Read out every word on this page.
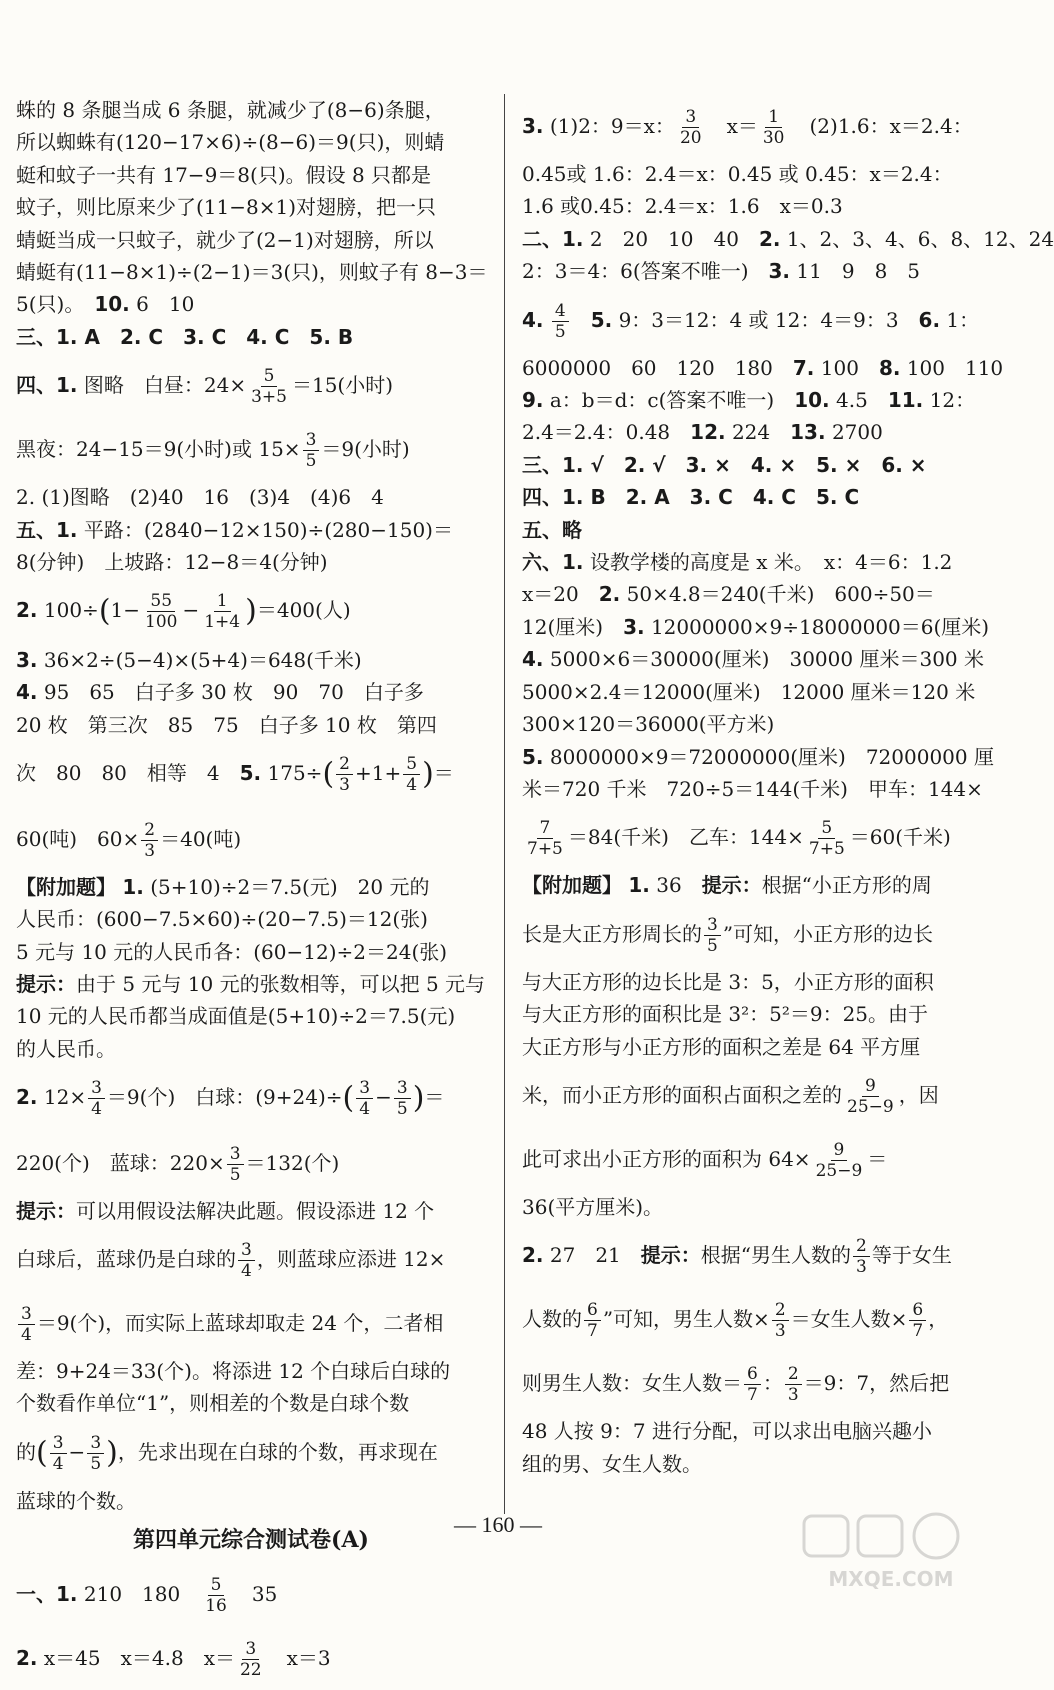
蛛的 8 条腿当成 6 条腿，就减少了(8−6)条腿，
所以蜘蛛有(120−17×6)÷(8−6)＝9(只)，则蜻
蜓和蚊子一共有 17−9＝8(只)。假设 8 只都是
蚊子，则比原来少了(11−8×1)对翅膀，把一只
蜻蜓当成一只蚊子，就少了(2−1)对翅膀，所以
蜻蜓有(11−8×1)÷(2−1)＝3(只)，则蚊子有 8−3＝
5(只)。　 10. 6　10
三、1. A　2. C　3. C　4. C　5. B
四、1. 图略　白昼：$24\times \frac{5}{3+5} =15$(小时)
黑夜：24−15＝9(小时)或 $15\times \frac{3}{5} =9$(小时)
2. (1)图略　(2)40　16　(3)4　(4)6　4
五、1. 平路：(2840−12×150)÷(280−150)＝
8(分钟)　上坡路：12−8＝4(分钟)
2. $100\div(1- \frac{55}{100} - \frac{1}{1+4} )=400$(人)
3. 36×2÷(5−4)×(5+4)＝648(千米)
4. 95　65　白子多 30 枚　90　70　白子多
20 枚　第三次　85　75　白子多 10 枚　第四
次　80　80　相等　4　5. $175\div( \frac{2}{3} +1+ \frac{5}{4}$ )＝
60(吨)　$60\times \frac{2}{3} =40$(吨)
【附加题】 1. (5+10)÷2＝7.5(元)　20 元的
人民币：(600−7.5×60)÷(20−7.5)＝12(张)
5 元与 10 元的人民币各：(60−12)÷2＝24(张)
提示：由于 5 元与 10 元的张数相等，可以把 5 元与
10 元的人民币都当成面值是(5+10)÷2＝7.5(元)
的人民币。
2. $12\times \frac{3}{4} =9$(个)　白球：$(9+24)\div( \frac{3}{4} - \frac{3}{5}$ )＝
220(个)　蓝球：$220\times \frac{3}{5} =132$(个)
提示：可以用假设法解决此题。假设添进 12 个
白球后，蓝球仍是白球的 $\frac{3}{4}$ ，则蓝球应添进 12×
$\frac{3}{4} =9$(个)，而实际上蓝球却取走 24 个，二者相
差：9+24＝33(个)。将添进 12 个白球后白球的
个数看作单位“1”，则相差的个数是白球个数
的( $\frac{3}{4} - \frac{3}{5}$ )，先求出现在白球的个数，再求现在
蓝球的个数。
第四单元综合测试卷(A)
一、1. 210　180　 $\frac{5}{16}$
　 35
2. x＝45　x＝4.8　$x= \frac{3}{22}$
　 x＝3
3. (1)2：9＝x： $\frac{3}{20}$
　 $x= \frac{1}{30}$
　 (2)1.6：x＝2.4：
0.45或 1.6：2.4＝x：0.45 或 0.45：x＝2.4：
1.6 或0.45：2.4＝x：1.6　x＝0.3
二、1. 2　20　10　40　2. 1、2、3、4、6、8、12、24
2：3＝4：6(答案不唯一)　3. 11　9　8　5
4. $\frac{4}{5}$
　 5. 9：3＝12：4 或 12：4＝9：3　6. 1：
6000000　60　120　180　7. 100　8. 100　110
9. a：b＝d：c(答案不唯一)　10. 4.5　11. 12：
2.4＝2.4：0.48　12. 224　13. 2700
三、1. √　2. √　3. ×　4. ×　5. ×　6. ×
四、1. B　2. A　3. C　4. C　5. C
五、略
六、1. 设教学楼的高度是 x 米。　x：4＝6：1.2
x＝20　2. 50×4.8＝240(千米)　600÷50＝
12(厘米)　3. 12000000×9÷18000000＝6(厘米)
4. 5000×6＝30000(厘米)　30000 厘米＝300 米
5000×2.4＝12000(厘米)　12000 厘米＝120 米
300×120＝36000(平方米)
5. 8000000×9＝72000000(厘米)　72000000 厘
米＝720 千米　720÷5＝144(千米)　甲车：144×
$\frac{7}{7+5} =84$(千米)　乙车：$144\times \frac{5}{7+5} =60$(千米)
【附加题】 1. 36　提示：根据“小正方形的周
长是大正方形周长的 $\frac{3}{5}$ ”可知，小正方形的边长
与大正方形的边长比是 3：5，小正方形的面积
与大正方形的面积比是 3²：5²＝9：25。由于
大正方形与小正方形的面积之差是 64 平方厘
米，而小正方形的面积占面积之差的 $\frac{9}{25-9}$ ，因
此可求出小正方形的面积为 $64\times \frac{9}{25-9}$ ＝
36(平方厘米)。
2. 27　21　提示：根据“男生人数的 $\frac{2}{3}$ 等于女生
人数的 $\frac{6}{7}$ ”可知，男生人数× $\frac{2}{3}$ ＝女生人数× $\frac{6}{7}$ ，
则男生人数：女生人数＝ $\frac{6}{7}$ ： $\frac{2}{3} =9$：7，然后把
48 人按 9：7 进行分配，可以求出电脑兴趣小
组的男、女生人数。
— 160 —
MXQE.COM
